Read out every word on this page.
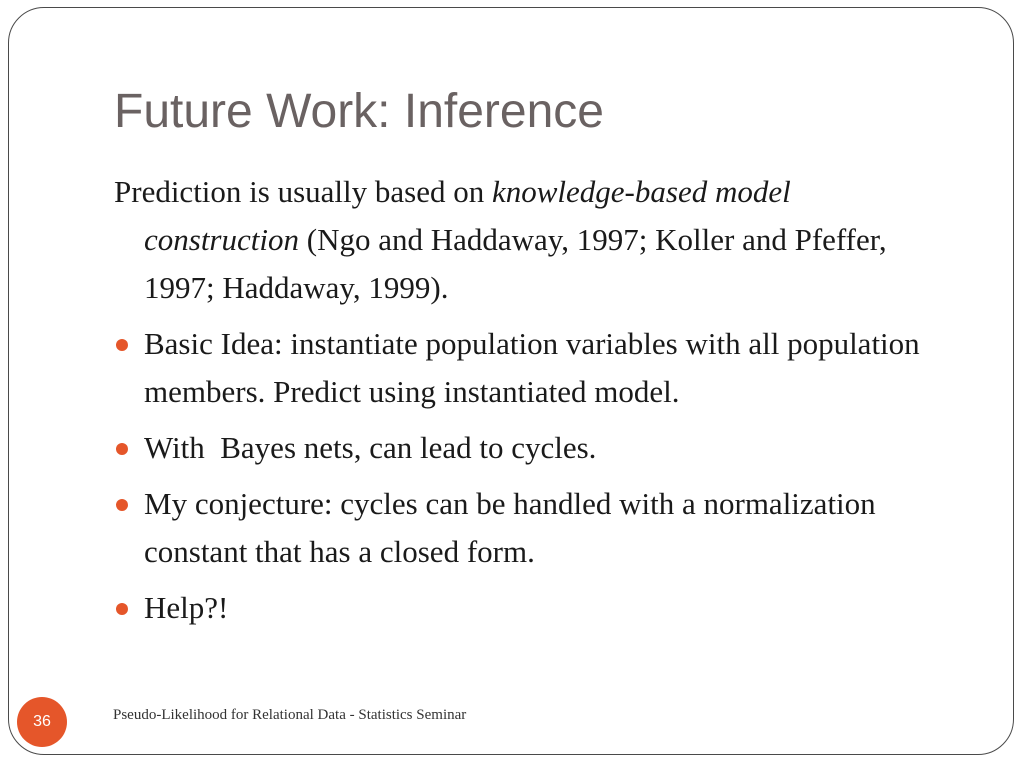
Future Work: Inference

Prediction is usually based on knowledge-based model construction (Ngo and Haddaway, 1997; Koller and Pfeffer, 1997; Haddaway, 1999).

Basic Idea: instantiate population variables with all population members. Predict using instantiated model.
With  Bayes nets, can lead to cycles.
My conjecture: cycles can be handled with a normalization constant that has a closed form.
Help?!
36	Pseudo-Likelihood for Relational Data - Statistics Seminar
